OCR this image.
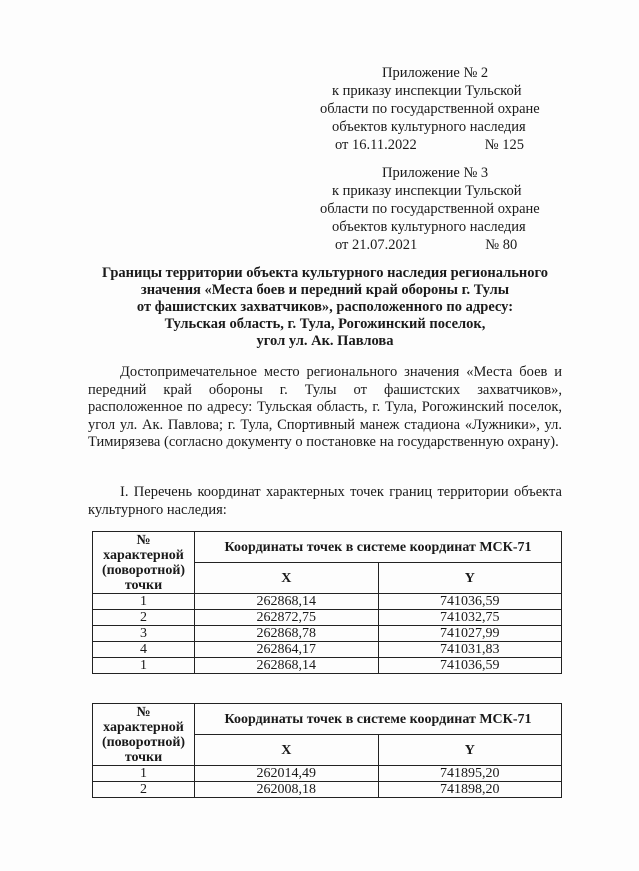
Приложение № 2
к приказу инспекции Тульской
области по государственной охране
объектов культурного наследия
от 16.11.2022	№ 125
Приложение № 3
к приказу инспекции Тульской
области по государственной охране
объектов культурного наследия
от 21.07.2021	№ 80
Границы территории объекта культурного наследия регионального
значения «Места боев и передний край обороны г. Тулы
от фашистских захватчиков», расположенного по адресу:
Тульская область, г. Тула, Рогожинский поселок,
угол ул. Ак. Павлова

Достопримечательное место регионального значения «Места боев и передний край обороны г. Тулы от фашистских захватчиков», расположенное по адресу: Тульская область, г. Тула, Рогожинский поселок, угол ул. Ак. Павлова; г. Тула, Спортивный манеж стадиона «Лужники», ул. Тимирязева (согласно документу о постановке на государственную охрану).

I. Перечень координат характерных точек границ территории объекта культурного наследия:

№
характерной
(поворотной)
точки	Координаты точек в системе координат МСК-71	
	X	Y
1	262868,14	741036,59
2	262872,75	741032,75
3	262868,78	741027,99
4	262864,17	741031,83
1	262868,14	741036,59
№
характерной
(поворотной)
точки	Координаты точек в системе координат МСК-71	
	X	Y
1	262014,49	741895,20
2	262008,18	741898,20
